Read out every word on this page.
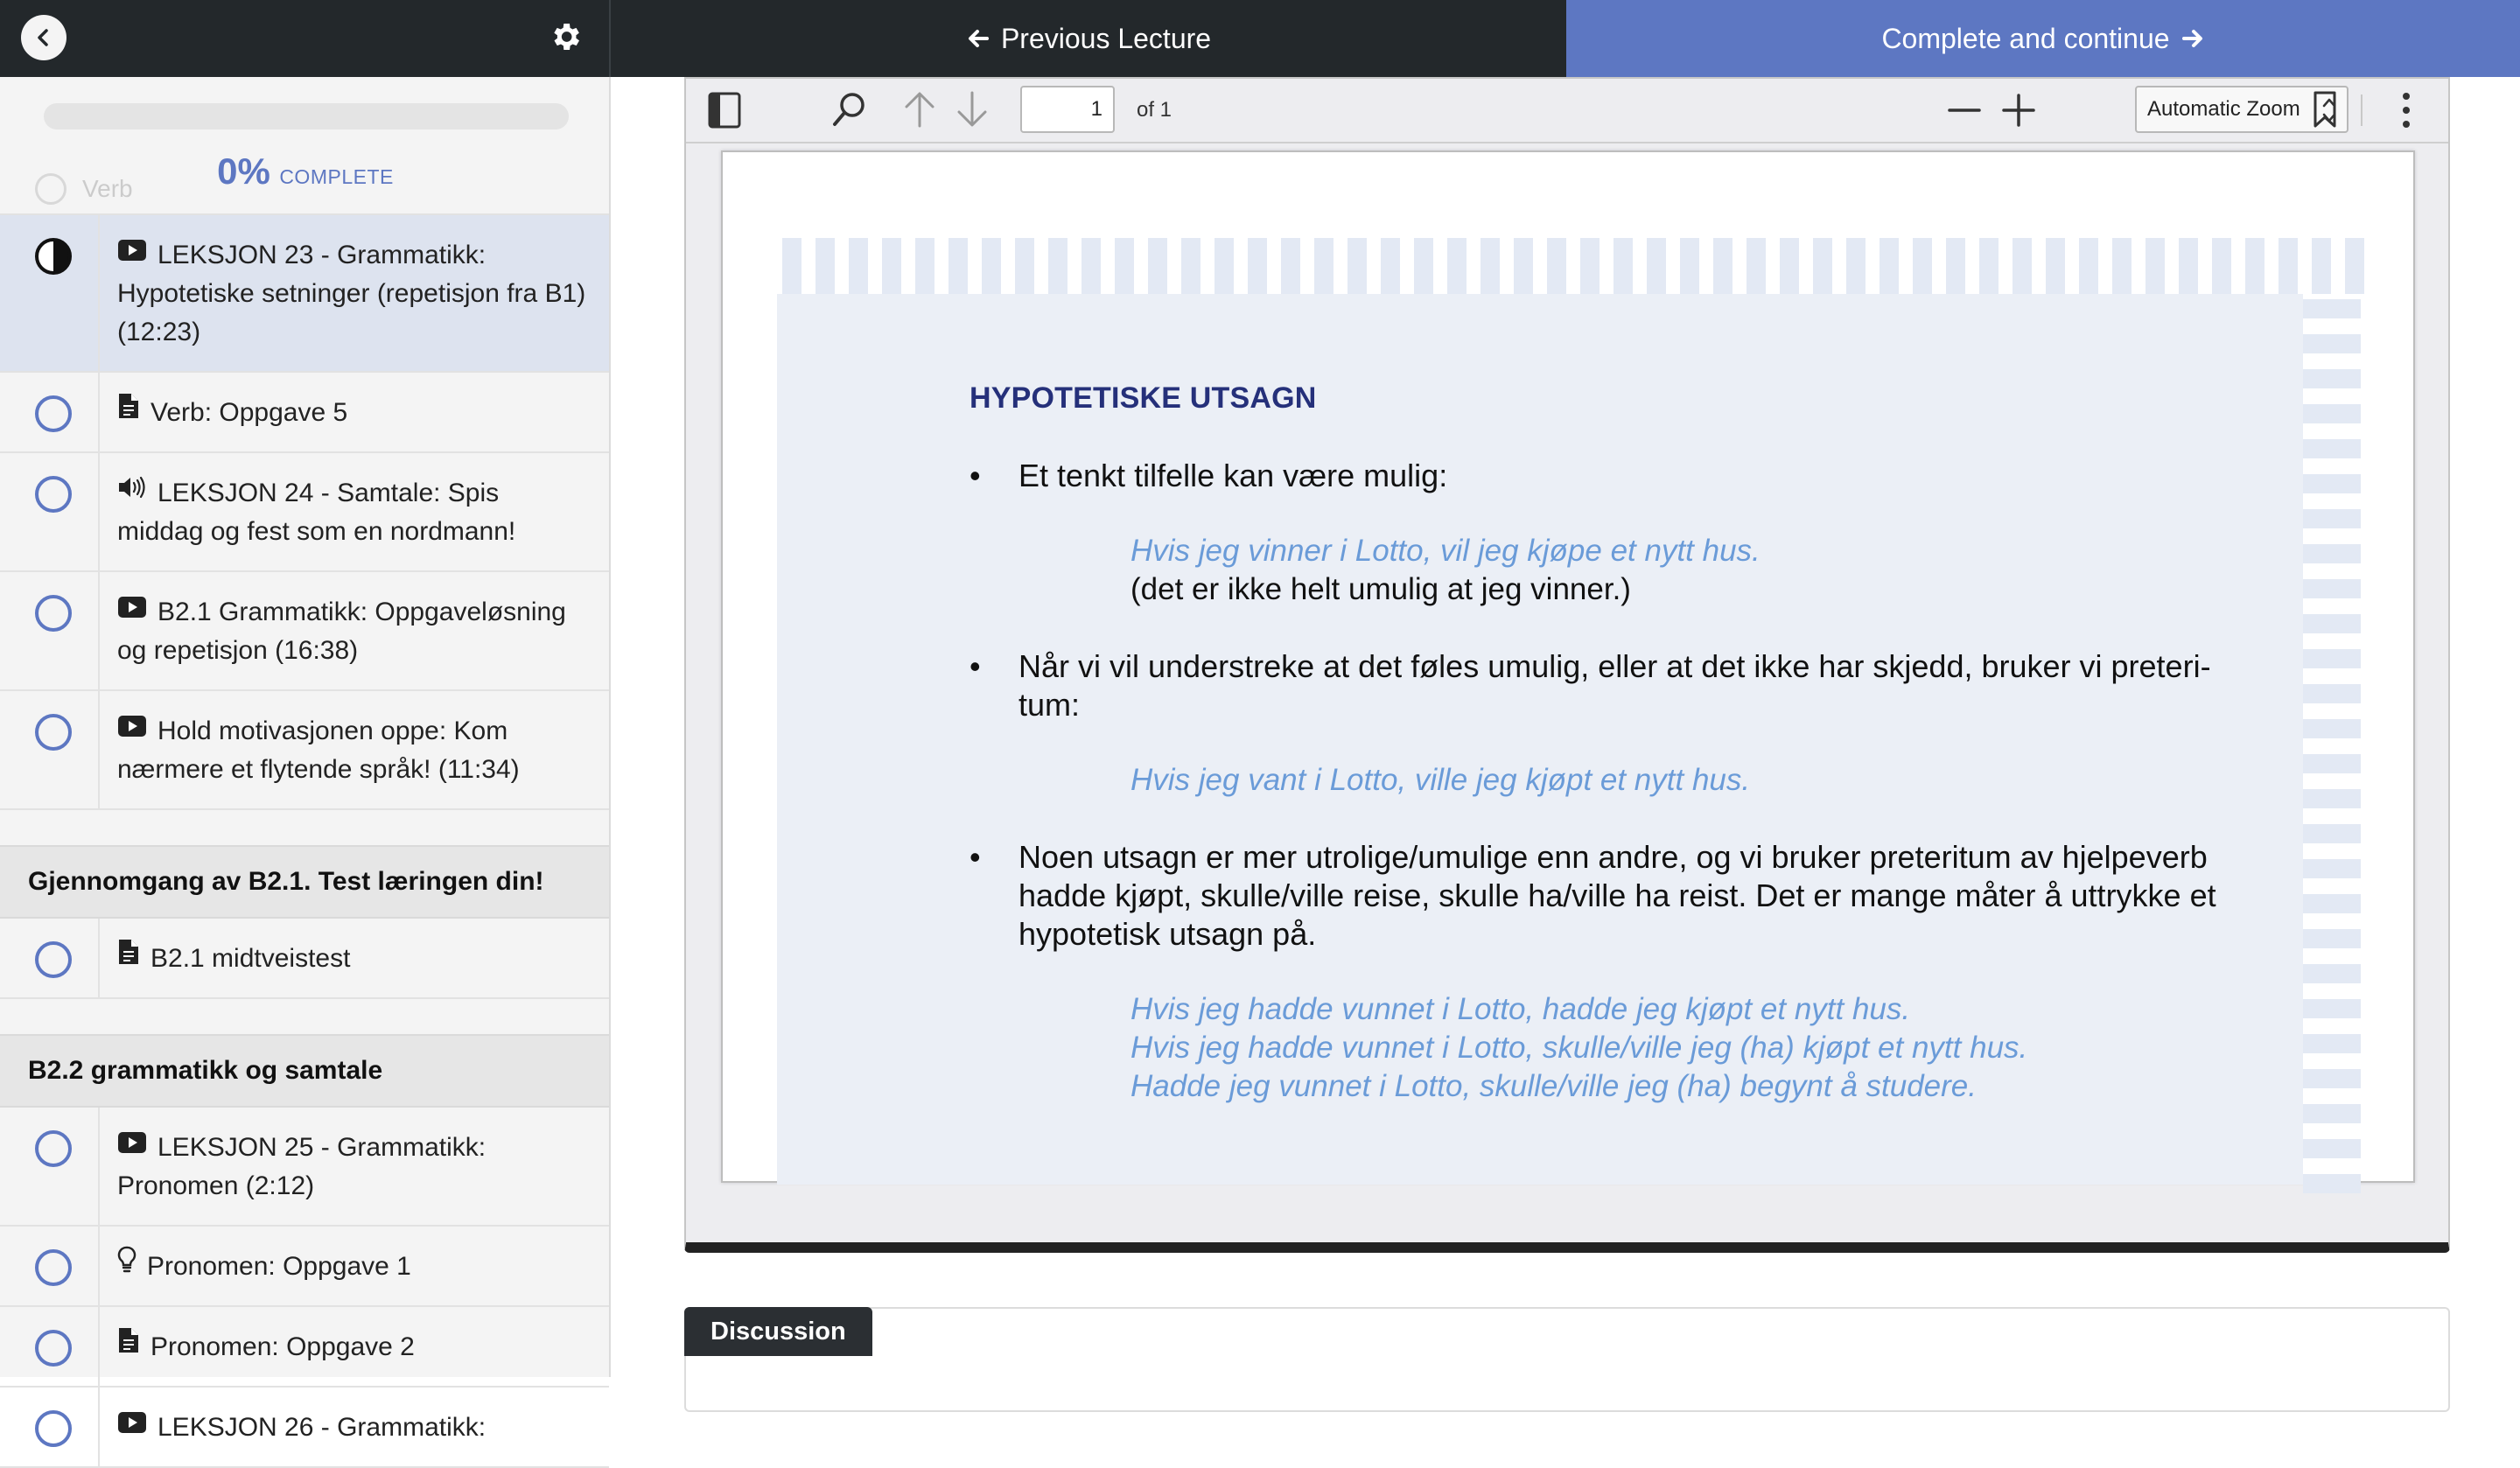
Previous Lecture	Complete and continue
Verb	0% COMPLETE
LEKSJON 23 - Grammatikk: Hypotetiske setninger (repetisjon fra B1) (12:23)
Verb: Oppgave 5
LEKSJON 24 - Samtale: Spis middag og fest som en nordmann!
B2.1 Grammatikk: Oppgaveløsning og repetisjon (16:38)
Hold motivasjonen oppe: Kom nærmere et flytende språk! (11:34)
Gjennomgang av B2.1. Test læringen din!
B2.1 midtveistest
B2.2 grammatikk og samtale
LEKSJON 25 - Grammatikk: Pronomen (2:12)
Pronomen: Oppgave 1
Pronomen: Oppgave 2
LEKSJON 26 - Grammatikk:
1	of 1	Automatic Zoom
HYPOTETISKE UTSAGN
• Et tenkt tilfelle kan være mulig:
Hvis jeg vinner i Lotto, vil jeg kjøpe et nytt hus.
(det er ikke helt umulig at jeg vinner.)
• Når vi vil understreke at det føles umulig, eller at det ikke har skjedd, bruker vi preteri-
tum:
Hvis jeg vant i Lotto, ville jeg kjøpt et nytt hus.
• Noen utsagn er mer utrolige/umulige enn andre, og vi bruker preteritum av hjelpeverb
hadde kjøpt, skulle/ville reise, skulle ha/ville ha reist. Det er mange måter å uttrykke et
hypotetisk utsagn på.
Hvis jeg hadde vunnet i Lotto, hadde jeg kjøpt et nytt hus.
Hvis jeg hadde vunnet i Lotto, skulle/ville jeg (ha) kjøpt et nytt hus.
Hadde jeg vunnet i Lotto, skulle/ville jeg (ha) begynt å studere.
Discussion
